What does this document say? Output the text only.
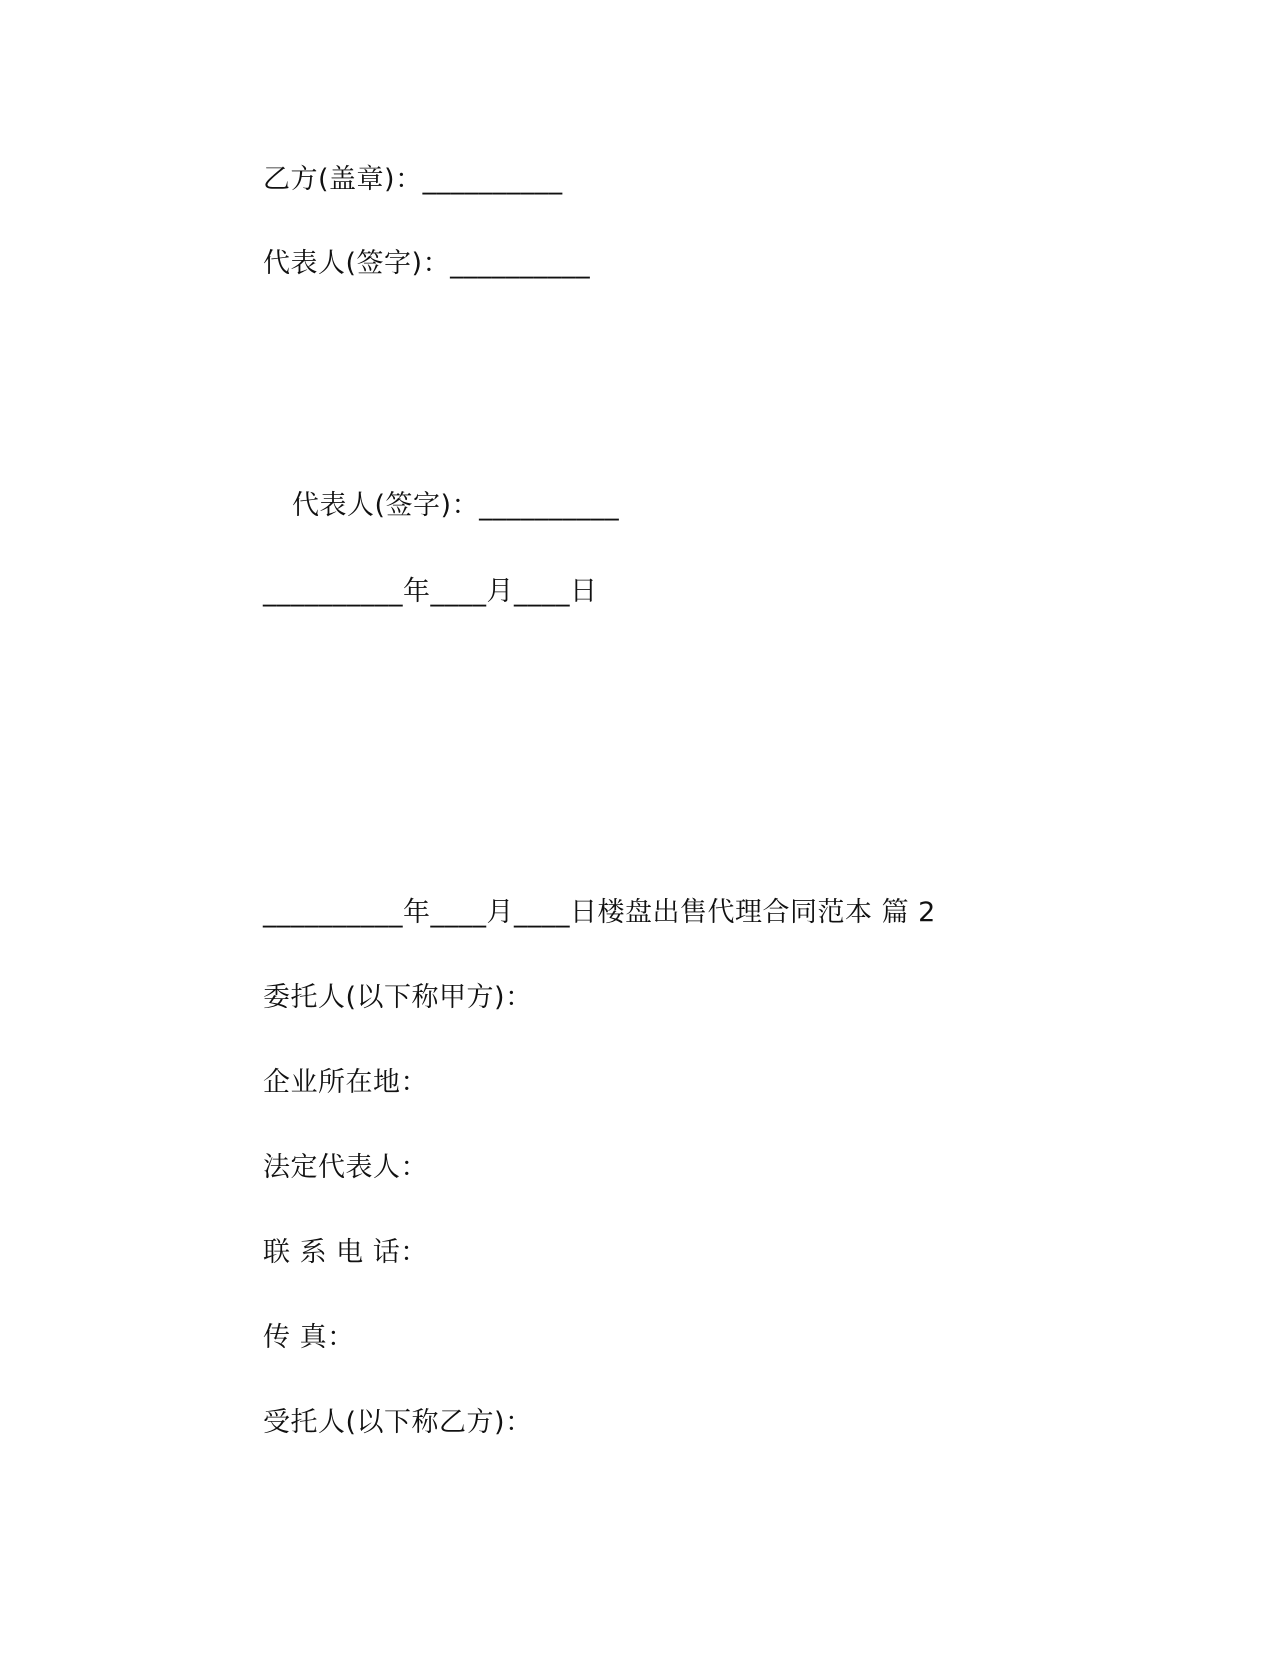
乙方(盖章)：__________
代表人(签字)：__________
代表人(签字)：__________
__________年____月____日
__________年____月____日楼盘出售代理合同范本 篇 2
委托人(以下称甲方)：
企业所在地：
法定代表人：
联 系 电 话：
传 真：
受托人(以下称乙方)：
